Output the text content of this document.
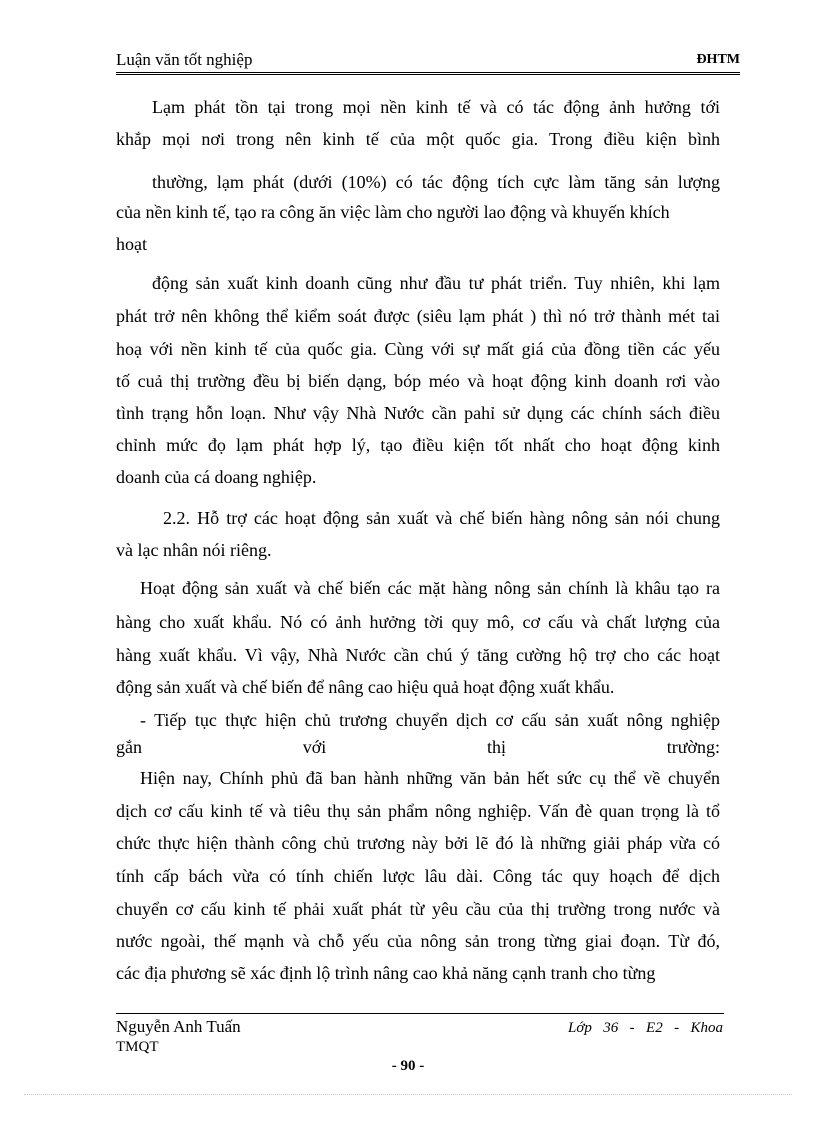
Luận văn tốt nghiệp	ĐHTM
Lạm phát tồn tại trong mọi nền kinh tế và có tác động ảnh hưởng tới
khắp mọi nơi trong nên kinh tế của một quốc gia. Trong điều kiện bình
thường, lạm phát (dưới (10%) có tác động tích cực làm tăng sản lượng
của nền kinh tế, tạo ra công ăn việc làm cho người lao động và khuyến khích
hoạt
động sản xuất kinh doanh cũng như đầu tư phát triển. Tuy nhiên, khi lạm
phát trở nên không thể kiểm soát được (siêu lạm phát ) thì nó trở thành mét tai
hoạ với nền kinh tế của quốc gia. Cùng với sự mất giá của đồng tiền các yếu
tố cuả thị trường đều bị biến dạng, bóp méo và hoạt động kinh doanh rơi vào
tình trạng hỗn loạn. Như vậy Nhà Nước cần pahỉ sử dụng các chính sách điều
chỉnh mức đọ lạm phát hợp lý, tạo điều kiện tốt nhất cho hoạt động kinh
doanh của cá doang nghiệp.
2.2. Hỗ trợ các hoạt động sản xuất và chế biến hàng nông sản nói chung
và lạc nhân nói riêng.
Hoạt động sản xuất và chế biến các mặt hàng nông sản chính là khâu tạo ra
hàng cho xuất khẩu. Nó có ảnh hưởng tời quy mô, cơ cấu và chất lượng của
hàng xuất khẩu. Vì vậy, Nhà Nước cần chú ý tăng cường hộ trợ cho các hoạt
động sản xuất và chế biến để nâng cao hiệu quả hoạt động xuất khẩu.
- Tiếp tục thực hiện chủ trương chuyển dịch cơ cấu sản xuất nông nghiệp
gắn với thị trường:
Hiện nay, Chính phủ đã ban hành những văn bản hết sức cụ thể về chuyển
dịch cơ cấu kinh tế và tiêu thụ sản phẩm nông nghiệp. Vấn đè quan trọng là tổ
chức thực hiện thành công chủ trương này bởi lẽ đó là những giải pháp vừa có
tính cấp bách vừa có tính chiến lược lâu dài. Công tác quy hoạch để dịch
chuyển cơ cấu kinh tế phải xuất phát từ yêu cầu của thị trường trong nước và
nước ngoài, thế mạnh và chỗ yếu của nông sản trong từng giai đoạn. Từ đó,
các địa phương sẽ xác định lộ trình nâng cao khả năng cạnh tranh cho từng
Nguyễn Anh Tuấn	Lớp 36 - E2 - Khoa
TMQT
- 90 -
